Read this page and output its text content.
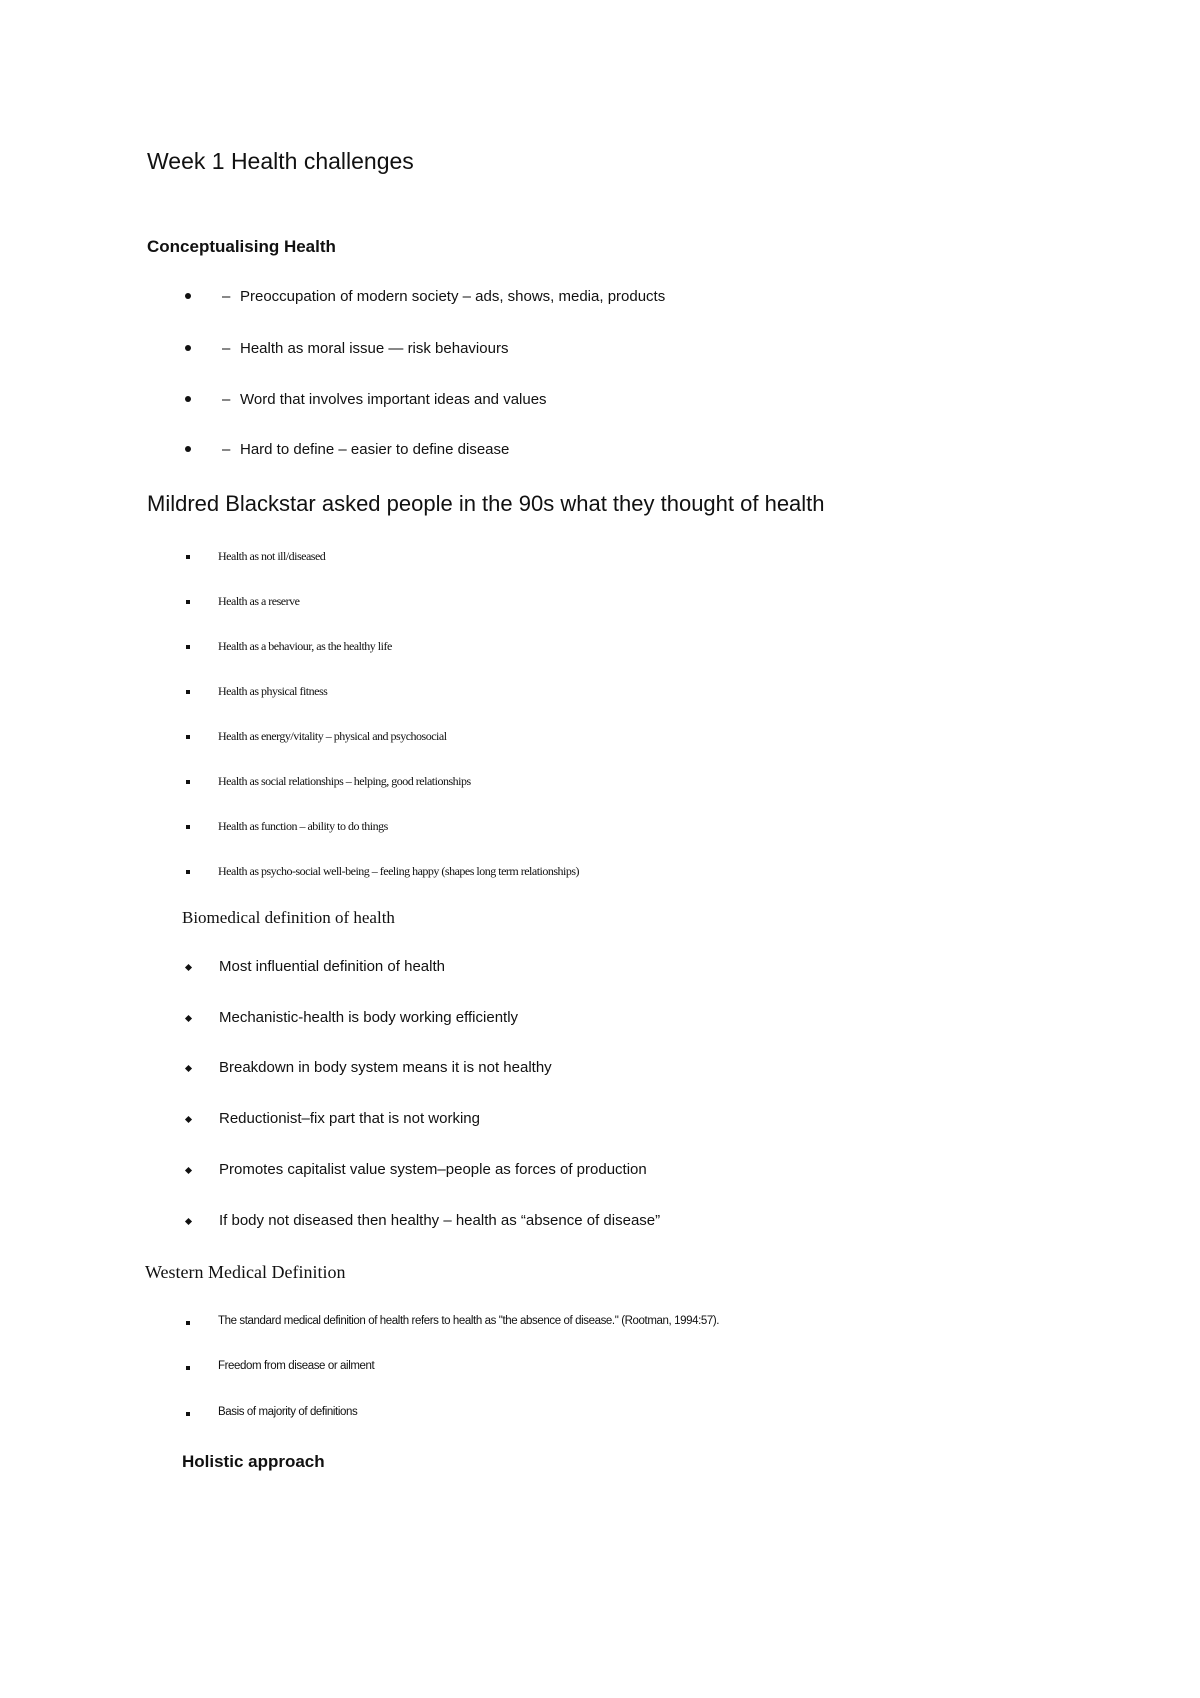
Week 1 Health challenges
Conceptualising Health
– Preoccupation of modern society – ads, shows, media, products
– Health as moral issue — risk behaviours
– Word that involves important ideas and values
– Hard to define – easier to define disease
Mildred Blackstar asked people in the 90s what they thought of health
Health as not ill/diseased
Health as a reserve
Health as a behaviour, as the healthy life
Health as physical fitness
Health as energy/vitality – physical and psychosocial
Health as social relationships – helping, good relationships
Health as function – ability to do things
Health as psycho-social well-being – feeling happy (shapes long term relationships)
Biomedical definition of health
Most influential definition of health
Mechanistic-health is body working efficiently
Breakdown in body system means it is not healthy
Reductionist–fix part that is not working
Promotes capitalist value system–people as forces of production
If body not diseased then healthy – health as “absence of disease”
Western Medical Definition
The standard medical definition of health refers to health as "the absence of disease." (Rootman, 1994:57).
Freedom from disease or ailment
Basis of majority of definitions
Holistic approach
